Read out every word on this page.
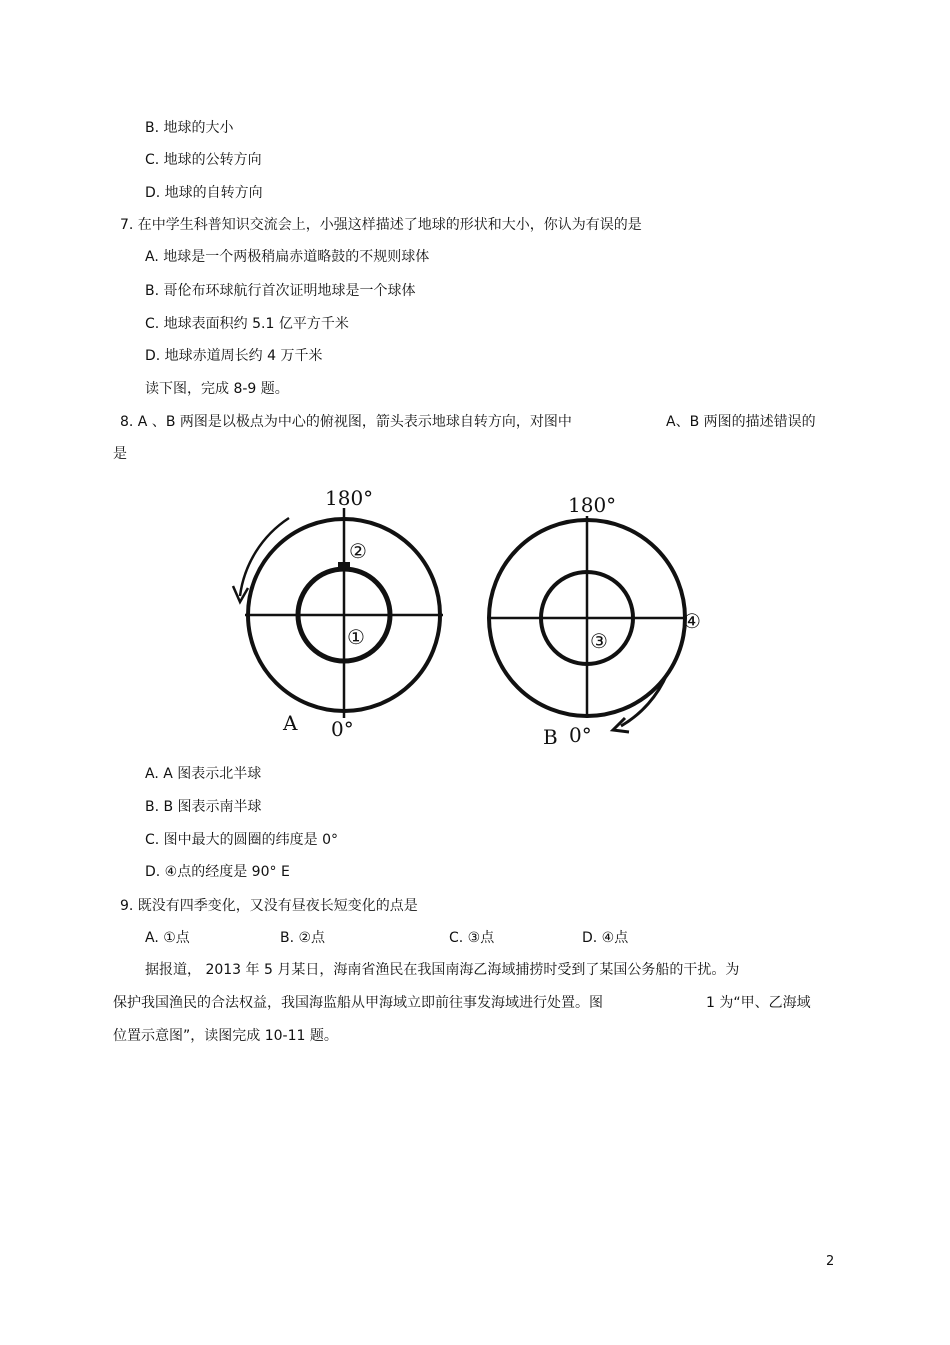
B. 地球的大小
C. 地球的公转方向
D. 地球的自转方向
7. 在中学生科普知识交流会上，小强这样描述了地球的形状和大小，你认为有误的是
A. 地球是一个两极稍扁赤道略鼓的不规则球体
B. 哥伦布环球航行首次证明地球是一个球体
C. 地球表面积约 5.1 亿平方千米
D. 地球赤道周长约 4 万千米
读下图，完成 8-9 题。
8. A 、B 两图是以极点为中心的俯视图，箭头表示地球自转方向，对图中	A、B 两图的描述错误的
是
180°
②
①
0°
A
180°
③
④
B 0°
A. A 图表示北半球
B. B 图表示南半球
C. 图中最大的圆圈的纬度是 0°
D. ④点的经度是 90° E
9. 既没有四季变化，又没有昼夜长短变化的点是
A. ①点	B. ②点	C. ③点	D. ④点
据报道， 2013 年 5 月某日，海南省渔民在我国南海乙海域捕捞时受到了某国公务船的干扰。为
保护我国渔民的合法权益，我国海监船从甲海域立即前往事发海域进行处置。图	1 为“甲、乙海域
位置示意图”，读图完成 10-11 题。
2
